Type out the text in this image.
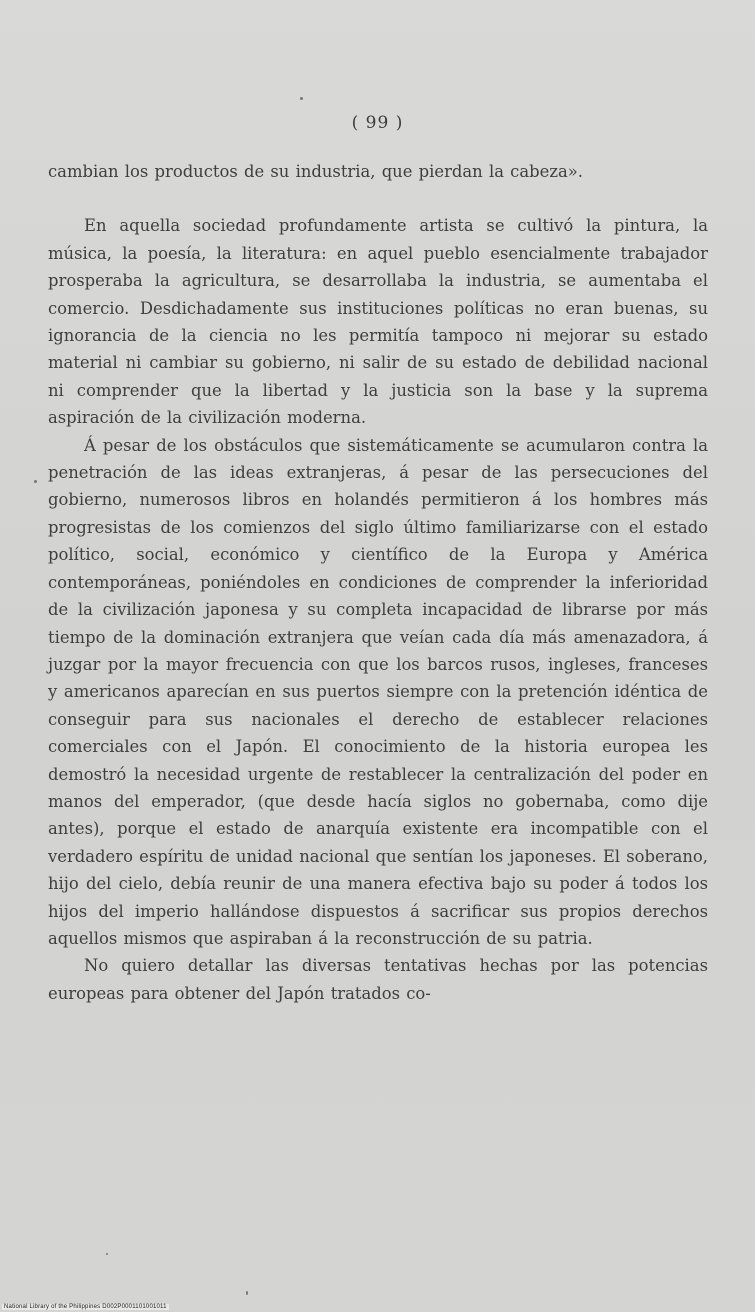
( 99 )

cambian los productos de su industria, que pierdan la cabeza».

En aquella sociedad profundamente artista se cultivó la pintura, la música, la poesía, la literatura: en aquel pueblo esencialmente trabajador prosperaba la agricultura, se desarrollaba la industria, se aumentaba el comercio. Desdichadamente sus instituciones políticas no eran buenas, su ignorancia de la ciencia no les permitía tampoco ni mejorar su estado material ni cambiar su gobierno, ni salir de su estado de debilidad nacional ni comprender que la libertad y la justicia son la base y la suprema aspiración de la civilización moderna.

Á pesar de los obstáculos que sistemáticamente se acumularon contra la penetración de las ideas extranjeras, á pesar de las persecuciones del gobierno, numerosos libros en holandés permitieron á los hombres más progresistas de los comienzos del siglo último familiarizarse con el estado político, social, económico y científico de la Europa y América contemporáneas, poniéndoles en condiciones de comprender la inferioridad de la civilización japonesa y su completa incapacidad de librarse por más tiempo de la dominación extranjera que veían cada día más amenazadora, á juzgar por la mayor frecuencia con que los barcos rusos, ingleses, franceses y americanos aparecían en sus puertos siempre con la pretención idéntica de conseguir para sus nacionales el derecho de establecer relaciones comerciales con el Japón. El conocimiento de la historia europea les demostró la necesidad urgente de restablecer la centralización del poder en manos del emperador, (que desde hacía siglos no gobernaba, como dije antes), porque el estado de anarquía existente era incompatible con el verdadero espíritu de unidad nacional que sentían los japoneses. El soberano, hijo del cielo, debía reunir de una manera efectiva bajo su poder á todos los hijos del imperio hallándose dispuestos á sacrificar sus propios derechos aquellos mismos que aspiraban á la reconstrucción de su patria.

No quiero detallar las diversas tentativas hechas por las potencias europeas para obtener del Japón tratados co-

National Library of the Philippines D002P0001101001011
